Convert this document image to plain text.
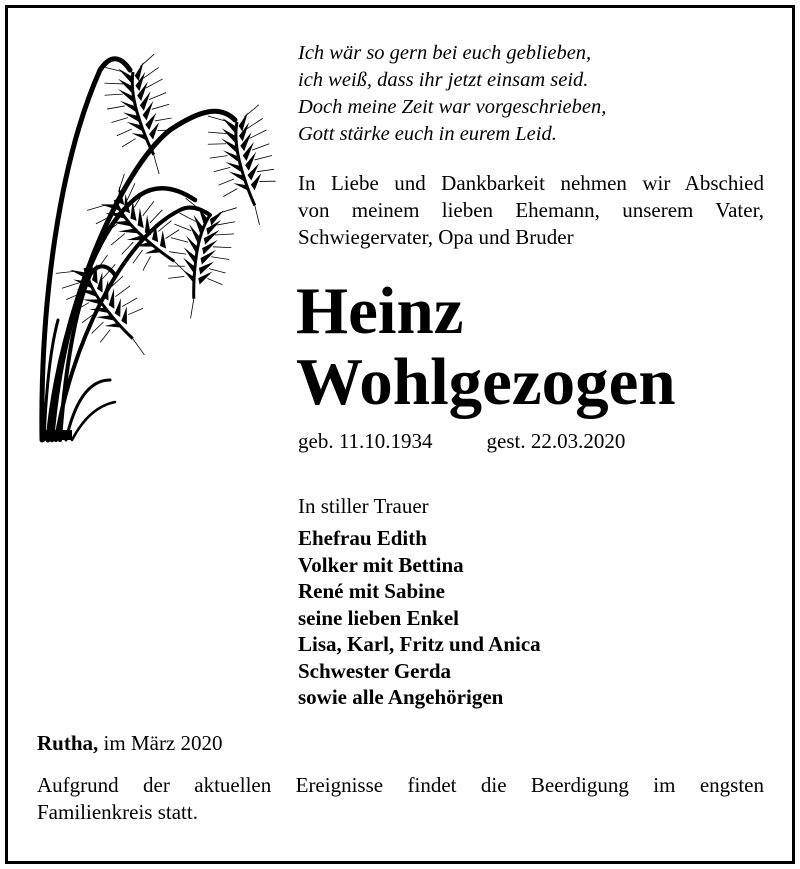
Ich wär so gern bei euch geblieben,
ich weiß, dass ihr jetzt einsam seid.
Doch meine Zeit war vorgeschrieben,
Gott stärke euch in eurem Leid.
In Liebe und Dankbarkeit nehmen wir Abschied
von meinem lieben Ehemann, unserem Vater,
Schwiegervater, Opa und Bruder
Heinz
Wohlgezogen
geb. 11.10.1934	gest. 22.03.2020
In stiller Trauer
Ehefrau Edith
Volker mit Bettina
René mit Sabine
seine lieben Enkel
Lisa, Karl, Fritz und Anica
Schwester Gerda
sowie alle Angehörigen
Rutha, im März 2020
Aufgrund der aktuellen Ereignisse findet die Beerdigung im engsten
Familienkreis statt.
